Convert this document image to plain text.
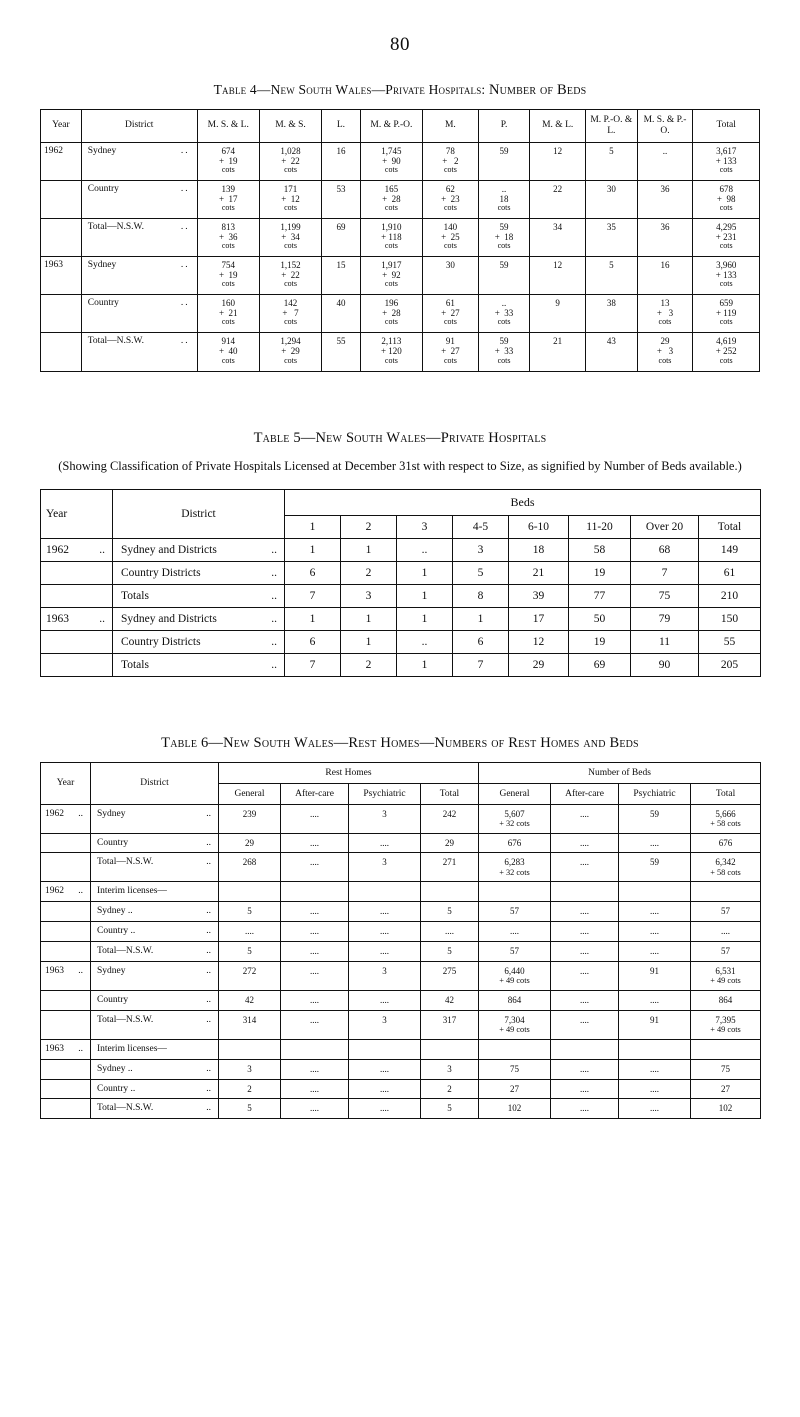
80
Table 4—New South Wales—Private Hospitals: Number of Beds
Year	District	M. S. & L.	M. & S.	L.	M. & P.-O.	M.	P.	M. & L.	M. P.-O. & L.	M. S. & P.-O.	Total
1962	Sydney ..	674
+  19
cots	1,028
+  22
cots	16	1,745
+  90
cots	78
+   2
cots	59	12	5	..	3,617
+ 133
cots

	Country ..	139
+  17
cots	171
+  12
cots	53	165
+  28
cots	62
+  23
cots	..
18
cots	22	30	36	678
+  98
cots

	Total—N.S.W. ..	813
+  36
cots	1,199
+  34
cots	69	1,910
+ 118
cots	140
+  25
cots	59
+  18
cots	34	35	36	4,295
+ 231
cots

1963	Sydney ..	754
+  19
cots	1,152
+  22
cots	15	1,917
+  92
cots	30	59	12	5	16	3,960
+ 133
cots

	Country ..	160
+  21
cots	142
+   7
cots	40	196
+  28
cots	61
+  27
cots	..
+  33
cots	9	38	13
+   3
cots	659
+ 119
cots

	Total—N.S.W. ..	914
+  40
cots	1,294
+  29
cots	55	2,113
+ 120
cots	91
+  27
cots	59
+  33
cots	21	43	29
+   3
cots	4,619
+ 252
cots
Table 5—New South Wales—Private Hospitals
(Showing Classification of Private Hospitals Licensed at December 31st with respect to Size, as signified by Number of Beds available.)
Year	District	Beds							
		1	2	3	4-5	6-10	11-20	Over 20	Total
1962 ..	Sydney and Districts ..	1	1	..	3	18	58	68	149
	Country Districts ..	6	2	1	5	21	19	7	61
	Totals ..	7	3	1	8	39	77	75	210
1963 ..	Sydney and Districts ..	1	1	1	1	17	50	79	150
	Country Districts ..	6	1	..	6	12	19	11	55
	Totals ..	7	2	1	7	29	69	90	205
Table 6—New South Wales—Rest Homes—Numbers of Rest Homes and Beds
Year	District	Rest Homes				Number of Beds			
		General	After-care	Psychiatric	Total	General	After-care	Psychiatric	Total
1962 ..	Sydney ..	239	....	3	242	5,607
+ 32 cots	....	59	5,666
+ 58 cots

	Country ..	29	....	....	29	676	....	....	676
	Total—N.S.W. ..	268	....	3	271	6,283
+ 32 cots	....	59	6,342
+ 58 cots

1962 ..	Interim licenses—								
	Sydney .. ..	5	....	....	5	57	....	....	57
	Country .. ..	....	....	....	....	....	....	....	....
	Total—N.S.W. ..	5	....	....	5	57	....	....	57
1963 ..	Sydney ..	272	....	3	275	6,440
+ 49 cots	....	91	6,531
+ 49 cots

	Country ..	42	....	....	42	864	....	....	864
	Total—N.S.W. ..	314	....	3	317	7,304
+ 49 cots	....	91	7,395
+ 49 cots

1963 ..	Interim licenses—								
	Sydney .. ..	3	....	....	3	75	....	....	75
	Country .. ..	2	....	....	2	27	....	....	27
	Total—N.S.W. ..	5	....	....	5	102	....	....	102
